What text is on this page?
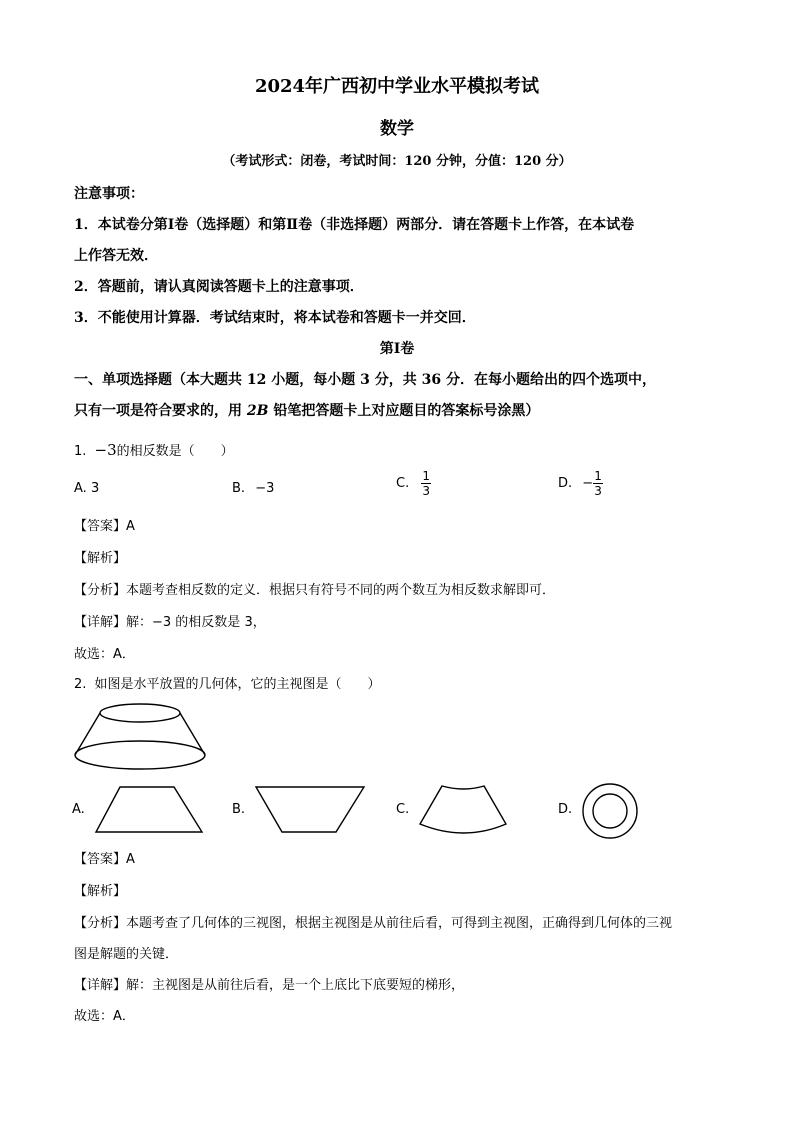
2024年广西初中学业水平模拟考试
数学
（考试形式：闭卷，考试时间：120 分钟，分值：120 分）
注意事项：
1．本试卷分第Ⅰ卷（选择题）和第Ⅱ卷（非选择题）两部分．请在答题卡上作答，在本试卷
上作答无效．
2．答题前，请认真阅读答题卡上的注意事项．
3．不能使用计算器．考试结束时，将本试卷和答题卡一并交回．
第Ⅰ卷
一、单项选择题（本大题共 12 小题，每小题 3 分，共 36 分．在每小题给出的四个选项中，
只有一项是符合要求的，用 2B 铅笔把答题卡上对应题目的答案标号涂黑）
1. −3的相反数是（　　）
A. 3	B. −3	C. $\frac{1}{3}$	D. − $\frac{1}{3}$
【答案】A
【解析】
【分析】本题考查相反数的定义．根据只有符号不同的两个数互为相反数求解即可．
【详解】解：−3 的相反数是 3，
故选：A．
2. 如图是水平放置的几何体，它的主视图是（　　）
A.	B.	C.	D.
【答案】A
【解析】
【分析】本题考查了几何体的三视图，根据主视图是从前往后看，可得到主视图，正确得到几何体的三视
图是解题的关键．
【详解】解：主视图是从前往后看，是一个上底比下底要短的梯形，
故选：A．
